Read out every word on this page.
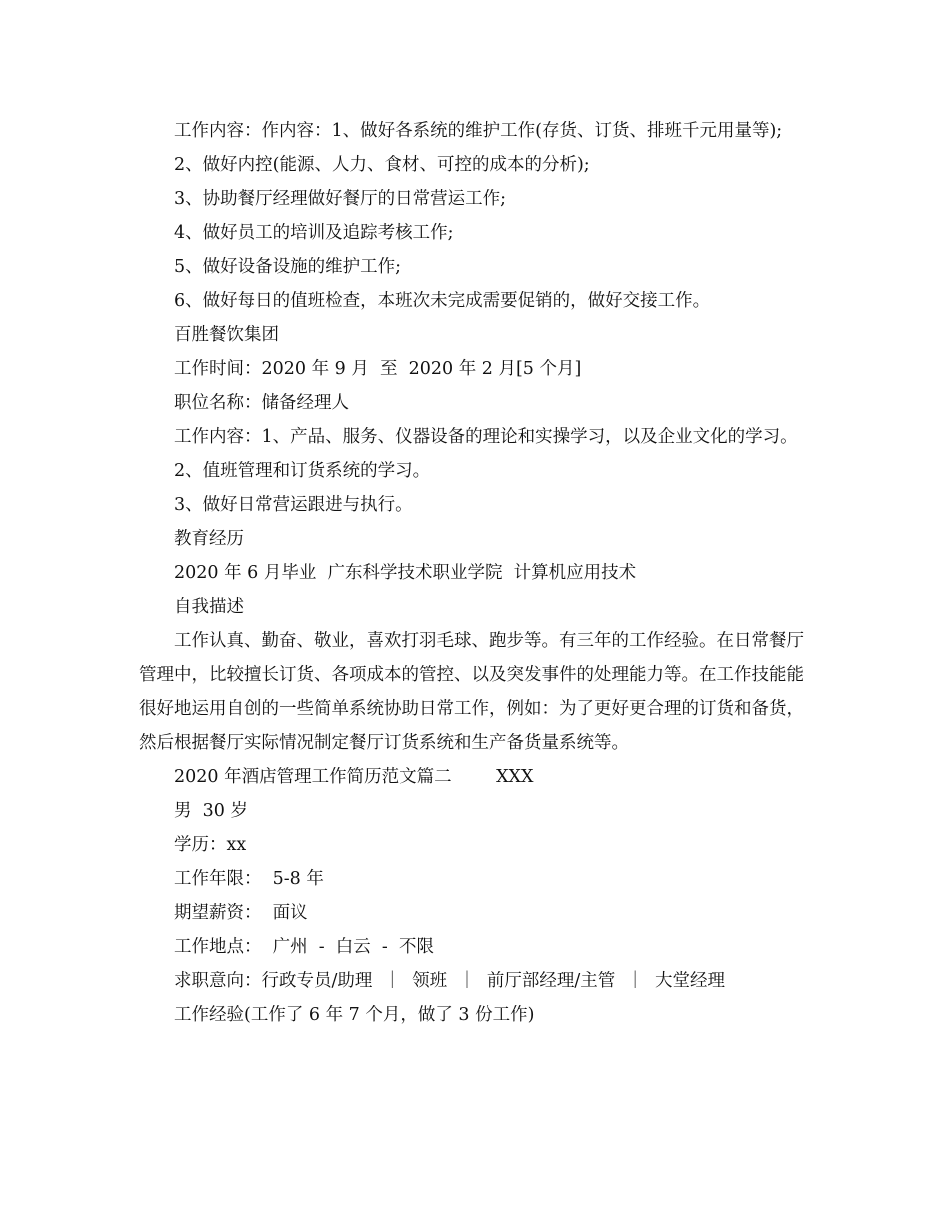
工作内容：作内容：1、做好各系统的维护工作(存货、订货、排班千元用量等);

2、做好内控(能源、人力、食材、可控的成本的分析);

3、协助餐厅经理做好餐厅的日常营运工作;

4、做好员工的培训及追踪考核工作;

5、做好设备设施的维护工作;

6、做好每日的值班检查，本班次未完成需要促销的，做好交接工作。

百胜餐饮集团

工作时间：2020 年 9 月  至  2020 年 2 月[5 个月]

职位名称：储备经理人

工作内容：1、产品、服务、仪器设备的理论和实操学习，以及企业文化的学习。

2、值班管理和订货系统的学习。

3、做好日常营运跟进与执行。

教育经历

2020 年 6 月毕业  广东科学技术职业学院  计算机应用技术

自我描述

工作认真、勤奋、敬业，喜欢打羽毛球、跑步等。有三年的工作经验。在日常餐厅管理中，比较擅长订货、各项成本的管控、以及突发事件的处理能力等。在工作技能能很好地运用自创的一些简单系统协助日常工作，例如：为了更好更合理的订货和备货，然后根据餐厅实际情况制定餐厅订货系统和生产备货量系统等。

2020 年酒店管理工作简历范文篇二        XXX

男  30 岁

学历：xx

工作年限：  5-8 年

期望薪资：  面议

工作地点：  广州  -  白云  -  不限

求职意向：行政专员/助理  ｜  领班  ｜  前厅部经理/主管  ｜  大堂经理

工作经验(工作了 6 年 7 个月，做了 3 份工作)
